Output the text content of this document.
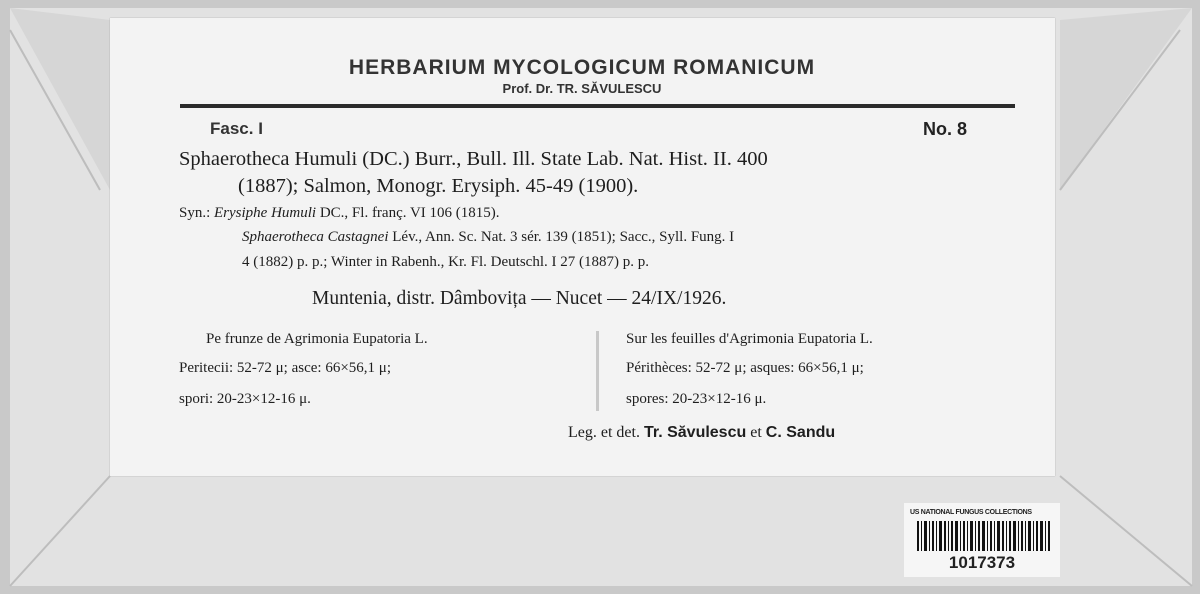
HERBARIUM MYCOLOGICUM ROMANICUM
Prof. Dr. TR. SĂVULESCU
Fasc. I	No. 8
Sphaerotheca Humuli (DC.) Burr., Bull. Ill. State Lab. Nat. Hist. II. 400
(1887); Salmon, Monogr. Erysiph. 45-49 (1900).
Syn.: Erysiphe Humuli DC., Fl. franç. VI 106 (1815).
Sphaerotheca Castagnei Lév., Ann. Sc. Nat. 3 sér. 139 (1851); Sacc., Syll. Fung. I
4 (1882) p. p.; Winter in Rabenh., Kr. Fl. Deutschl. I 27 (1887) p. p.
Muntenia, distr. Dâmbovița — Nucet — 24/IX/1926.
Pe frunze de Agrimonia Eupatoria L.
Peritecii: 52-72 μ; asce: 66×56,1 μ;
spori: 20-23×12-16 μ.
Sur les feuilles d'Agrimonia Eupatoria L.
Périthèces: 52-72 μ; asques: 66×56,1 μ;
spores: 20-23×12-16 μ.
Leg. et det. Tr. Săvulescu et C. Sandu
US NATIONAL FUNGUS COLLECTIONS
1017373
